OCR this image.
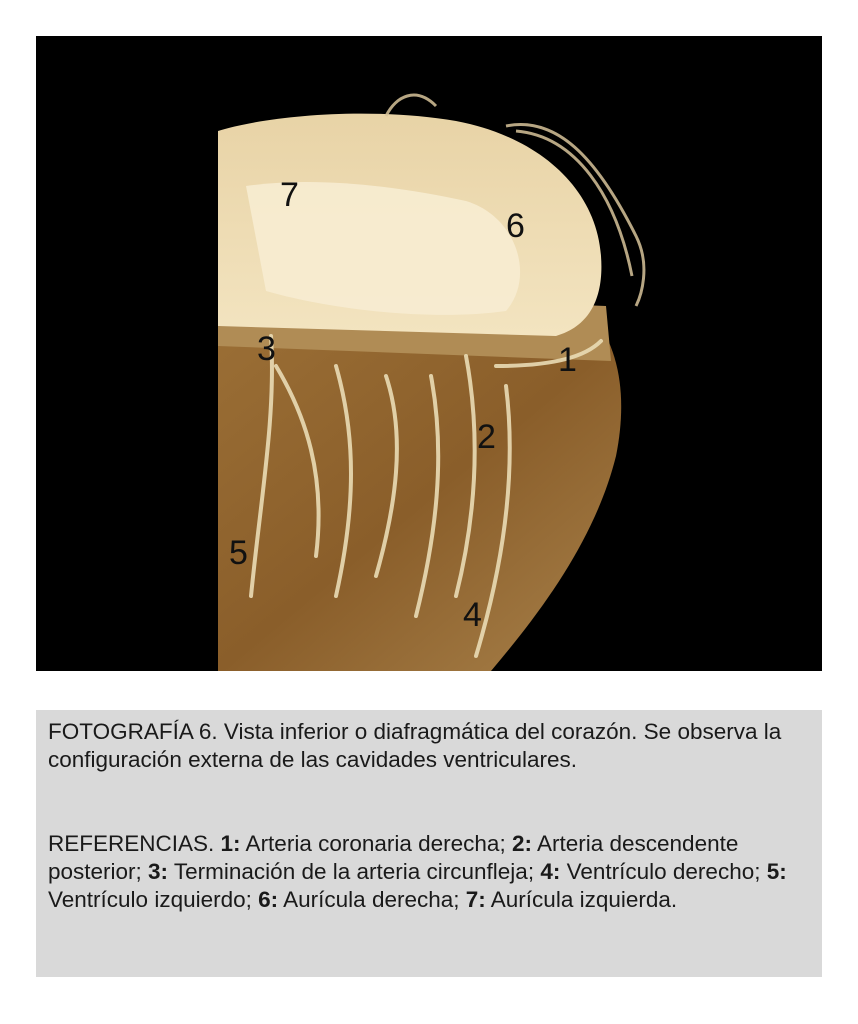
7
6
3	1
2
5
4

FOTOGRAFÍA 6. Vista inferior o diafragmática del corazón. Se observa la configuración externa de las cavidades ventriculares.

REFERENCIAS. 1: Arteria coronaria derecha; 2: Arteria descendente posterior; 3: Terminación de la arteria circunfleja; 4: Ventrículo derecho; 5: Ventrículo izquierdo; 6: Aurícula derecha; 7: Aurícula izquierda.
